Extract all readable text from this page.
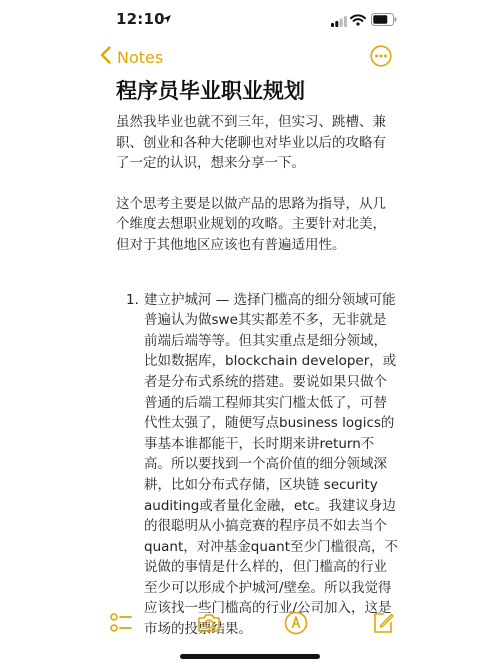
12:10
Notes
程序员毕业职业规划

虽然我毕业也就不到三年，但实习、跳槽、兼职、创业和各种大佬聊也对毕业以后的攻略有了一定的认识，想来分享一下。

这个思考主要是以做产品的思路为指导，从几个维度去想职业规划的攻略。主要针对北美，但对于其他地区应该也有普遍适用性。

1. 建立护城河 — 选择门槛高的细分领域可能普遍认为做swe其实都差不多，无非就是前端后端等等。但其实重点是细分领域，比如数据库，blockchain developer，或者是分布式系统的搭建。要说如果只做个普通的后端工程师其实门槛太低了，可替代性太强了，随便写点business logics的事基本谁都能干，长时期来讲return不高。所以要找到一个高价值的细分领域深耕，比如分布式存储，区块链 security auditing或者量化金融，etc。我建议身边的很聪明从小搞竞赛的程序员不如去当个quant，对冲基金quant至少门槛很高，不说做的事情是什么样的，但门槛高的行业至少可以形成个护城河/壁垒。所以我觉得应该找一些门槛高的行业/公司加入，这是市场的投票结果。
